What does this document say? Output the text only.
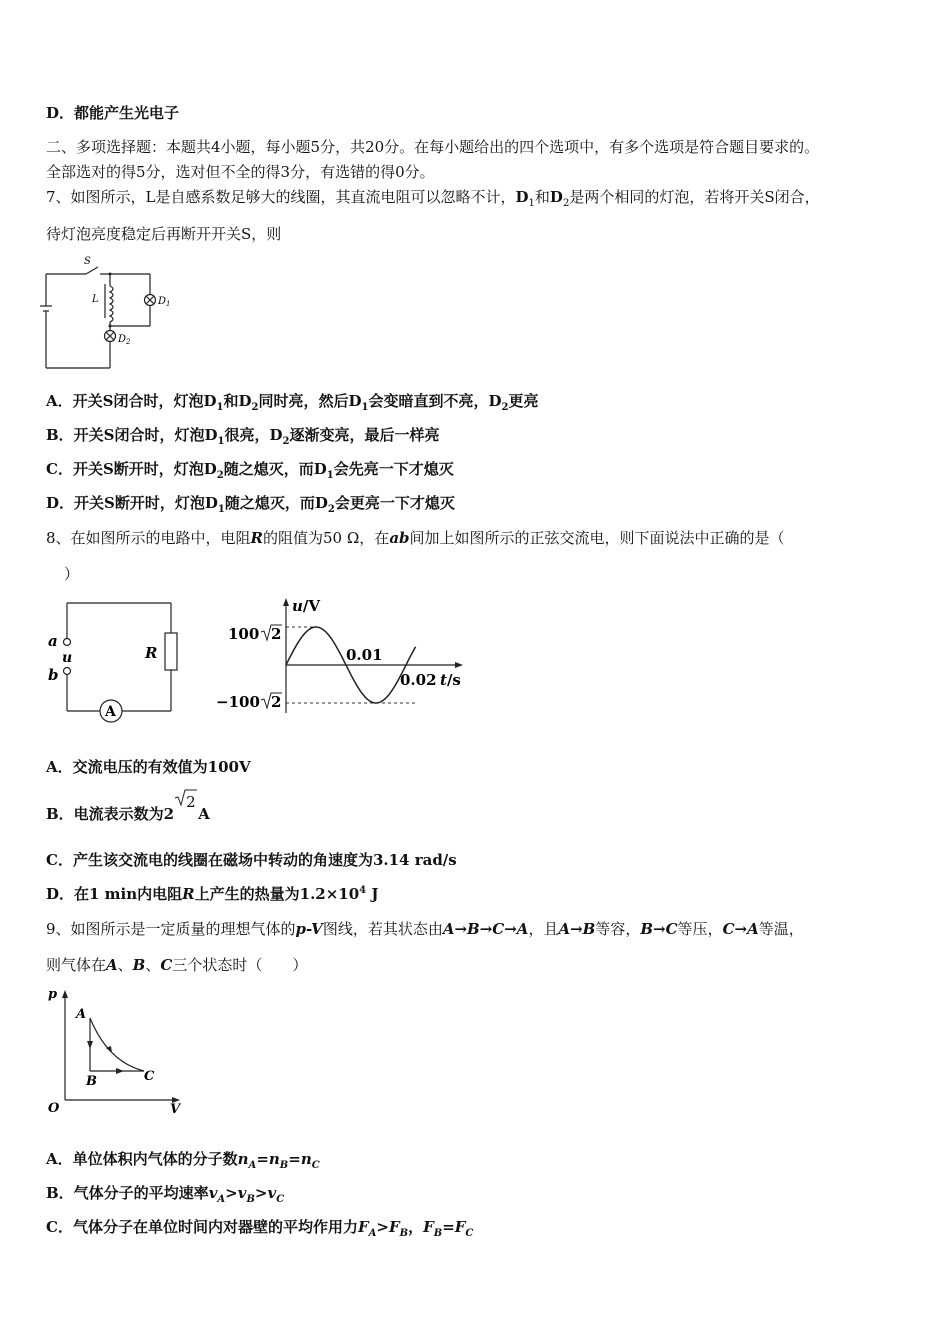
D．都能产生光电子
二、多项选择题：本题共4小题，每小题5分，共20分。在每小题给出的四个选项中，有多个选项是符合题目要求的。
全部选对的得5分，选对但不全的得3分，有选错的得0分。
7、如图所示，L是自感系数足够大的线圈，其直流电阻可以忽略不计，$D_1$和$D_2$是两个相同的灯泡，若将开关S闭合，
待灯泡亮度稳定后再断开开关S，则
S
L	$D_1$
$D_2$
A．开关S闭合时，灯泡$D_1$和$D_2$同时亮，然后$D_1$会变暗直到不亮，$D_2$更亮
B．开关S闭合时，灯泡$D_1$很亮，$D_2$逐渐变亮，最后一样亮
C．开关S断开时，灯泡$D_2$随之熄灭，而$D_1$会先亮一下才熄灭
D．开关S断开时，灯泡$D_1$随之熄灭，而$D_2$会更亮一下才熄灭
8、在如图所示的电路中，电阻R的阻值为50 Ω，在ab间加上如图所示的正弦交流电，则下面说法中正确的是（
）
a
u
b
R
A
u/V
100 2
−100 2
0.01
0.02 t/s
A．交流电压的有效值为100V
B．电流表示数为2
2
A
C．产生该交流电的线圈在磁场中转动的角速度为3.14 rad/s
D．在1 min内电阻R上产生的热量为$1.2\times 10^4$ J
9、如图所示是一定质量的理想气体的p-V图线，若其状态由A→B→C→A，且A→B等容，B→C等压，C→A等温，
则气体在A、B、C三个状态时（　　）
p
V
O
A
B	C
A．单位体积内气体的分子数$n_A=n_B=n_C$
B．气体分子的平均速率$v_A>v_B>v_C$
C．气体分子在单位时间内对器壁的平均作用力$F_A>F_B$，$F_B=F_C$
